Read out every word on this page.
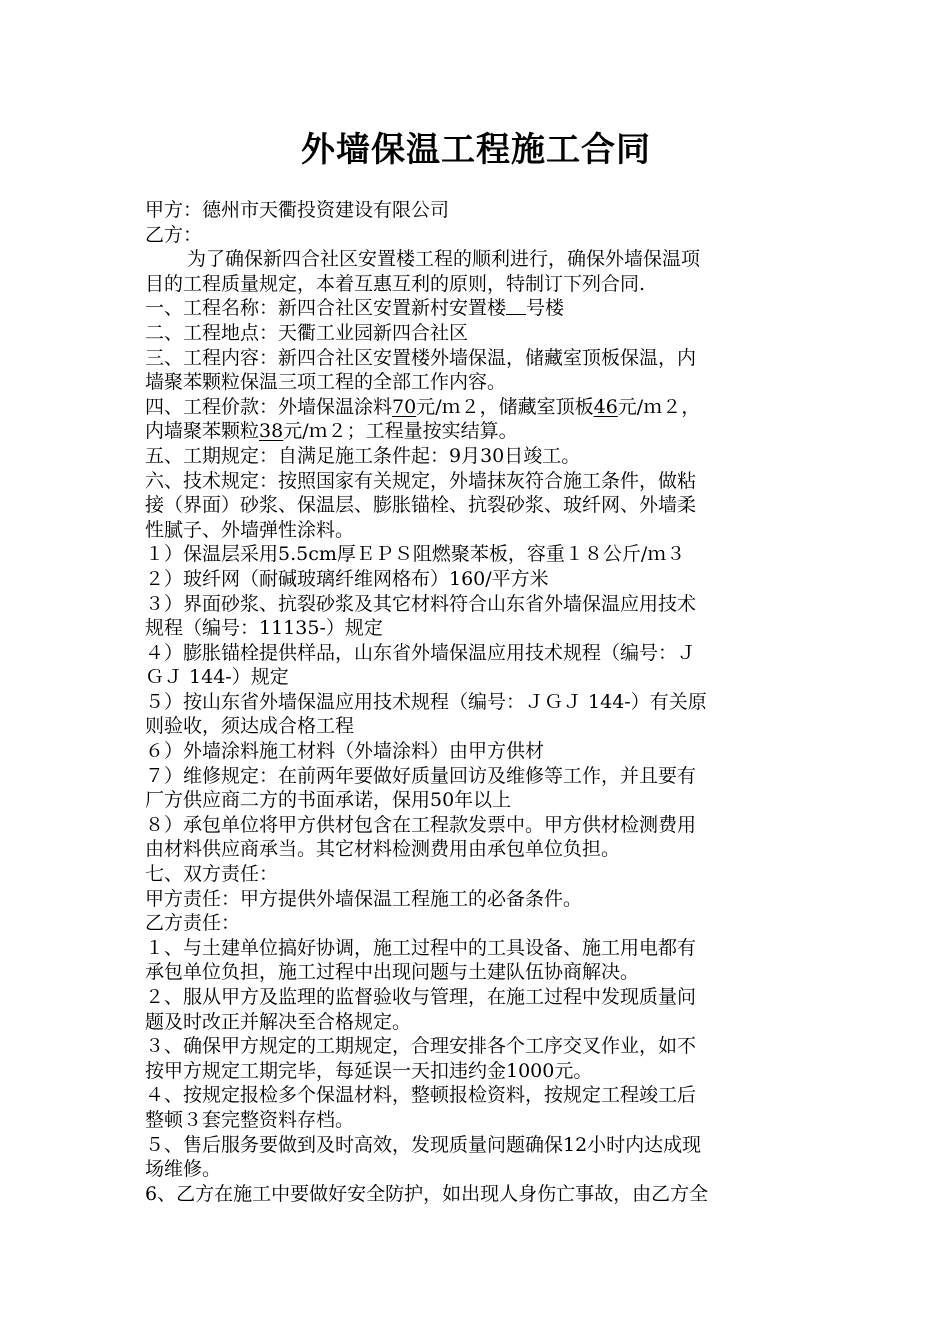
外墙保温工程施工合同

甲方：德州市天衢投资建设有限公司

乙方：

为了确保新四合社区安置楼工程的顺利进行，确保外墙保温项

目的工程质量规定，本着互惠互利的原则，特制订下列合同.

一、工程名称：新四合社区安置新村安置楼 号楼

二、工程地点：天衢工业园新四合社区

三、工程内容：新四合社区安置楼外墙保温，储藏室顶板保温，内

墙聚苯颗粒保温三项工程的全部工作内容。

四、工程价款：外墙保温涂料70元/ｍ２，储藏室顶板46元/ｍ２，

内墙聚苯颗粒38元/ｍ２；工程量按实结算。

五、工期规定：自满足施工条件起：9月30日竣工。

六、技术规定：按照国家有关规定，外墙抹灰符合施工条件，做粘

接（界面）砂浆、保温层、膨胀锚栓、抗裂砂浆、玻纤网、外墙柔

性腻子、外墙弹性涂料。

１）保温层采用5.5cm厚ＥＰＳ阻燃聚苯板，容重１８公斤/ｍ３

２）玻纤网（耐碱玻璃纤维网格布）160/平方米

３）界面砂浆、抗裂砂浆及其它材料符合山东省外墙保温应用技术

规程（编号：11135-）规定

４）膨胀锚栓提供样品，山东省外墙保温应用技术规程（编号：Ｊ

ＧＪ 144-）规定

５）按山东省外墙保温应用技术规程（编号：ＪＧＪ 144-）有关原

则验收，须达成合格工程

６）外墙涂料施工材料（外墙涂料）由甲方供材

７）维修规定：在前两年要做好质量回访及维修等工作，并且要有

厂方供应商二方的书面承诺，保用50年以上

８）承包单位将甲方供材包含在工程款发票中。甲方供材检测费用

由材料供应商承当。其它材料检测费用由承包单位负担。

七、双方责任：

甲方责任：甲方提供外墙保温工程施工的必备条件。

乙方责任：

１、与土建单位搞好协调，施工过程中的工具设备、施工用电都有

承包单位负担，施工过程中出现问题与土建队伍协商解决。

２、服从甲方及监理的监督验收与管理，在施工过程中发现质量问

题及时改正并解决至合格规定。

３、确保甲方规定的工期规定，合理安排各个工序交叉作业，如不

按甲方规定工期完毕，每延误一天扣违约金1000元。

４、按规定报检多个保温材料，整顿报检资料，按规定工程竣工后

整顿３套完整资料存档。

５、售后服务要做到及时高效，发现质量问题确保12小时内达成现

场维修。

6、乙方在施工中要做好安全防护，如出现人身伤亡事故，由乙方全
